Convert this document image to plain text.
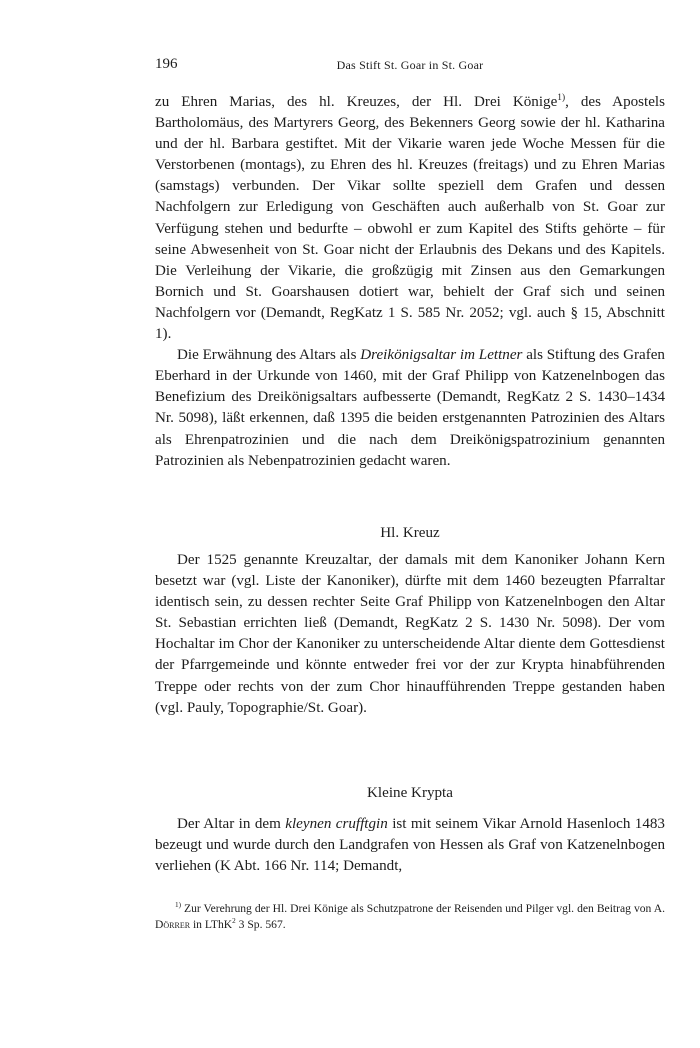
196	Das Stift St. Goar in St. Goar

zu Ehren Marias, des hl. Kreuzes, der Hl. Drei Könige$^{1)}$, des Apostels Bartholomäus, des Martyrers Georg, des Bekenners Georg sowie der hl. Katharina und der hl. Barbara gestiftet. Mit der Vikarie waren jede Woche Messen für die Verstorbenen (montags), zu Ehren des hl. Kreuzes (freitags) und zu Ehren Marias (samstags) verbunden. Der Vikar sollte speziell dem Grafen und dessen Nachfolgern zur Erledigung von Geschäften auch außerhalb von St. Goar zur Verfügung stehen und bedurfte – obwohl er zum Kapitel des Stifts gehörte – für seine Abwesenheit von St. Goar nicht der Erlaubnis des Dekans und des Kapitels. Die Verleihung der Vikarie, die großzügig mit Zinsen aus den Gemarkungen Bornich und St. Goarshausen dotiert war, behielt der Graf sich und seinen Nachfolgern vor (Demandt, RegKatz 1 S. 585 Nr. 2052; vgl. auch § 15, Abschnitt 1).

Die Erwähnung des Altars als Dreikönigsaltar im Lettner als Stiftung des Grafen Eberhard in der Urkunde von 1460, mit der Graf Philipp von Katzenelnbogen das Benefizium des Dreikönigsaltars aufbesserte (Demandt, RegKatz 2 S. 1430–1434 Nr. 5098), läßt erkennen, daß 1395 die beiden erstgenannten Patrozinien des Altars als Ehrenpatrozinien und die nach dem Dreikönigspatrozinium genannten Patrozinien als Nebenpatrozinien gedacht waren.

Hl. Kreuz

Der 1525 genannte Kreuzaltar, der damals mit dem Kanoniker Johann Kern besetzt war (vgl. Liste der Kanoniker), dürfte mit dem 1460 bezeugten Pfarraltar identisch sein, zu dessen rechter Seite Graf Philipp von Katzenelnbogen den Altar St. Sebastian errichten ließ (Demandt, RegKatz 2 S. 1430 Nr. 5098). Der vom Hochaltar im Chor der Kanoniker zu unterscheidende Altar diente dem Gottesdienst der Pfarrgemeinde und könnte entweder frei vor der zur Krypta hinabführenden Treppe oder rechts von der zum Chor hinaufführenden Treppe gestanden haben (vgl. Pauly, Topographie/St. Goar).

Kleine Krypta

Der Altar in dem kleynen crufftgin ist mit seinem Vikar Arnold Hasenloch 1483 bezeugt und wurde durch den Landgrafen von Hessen als Graf von Katzenelnbogen verliehen (K Abt. 166 Nr. 114; Demandt,

$^{1)}$ Zur Verehrung der Hl. Drei Könige als Schutzpatrone der Reisenden und Pilger vgl. den Beitrag von A. Dörrer in LThK$^2$ 3 Sp. 567.
